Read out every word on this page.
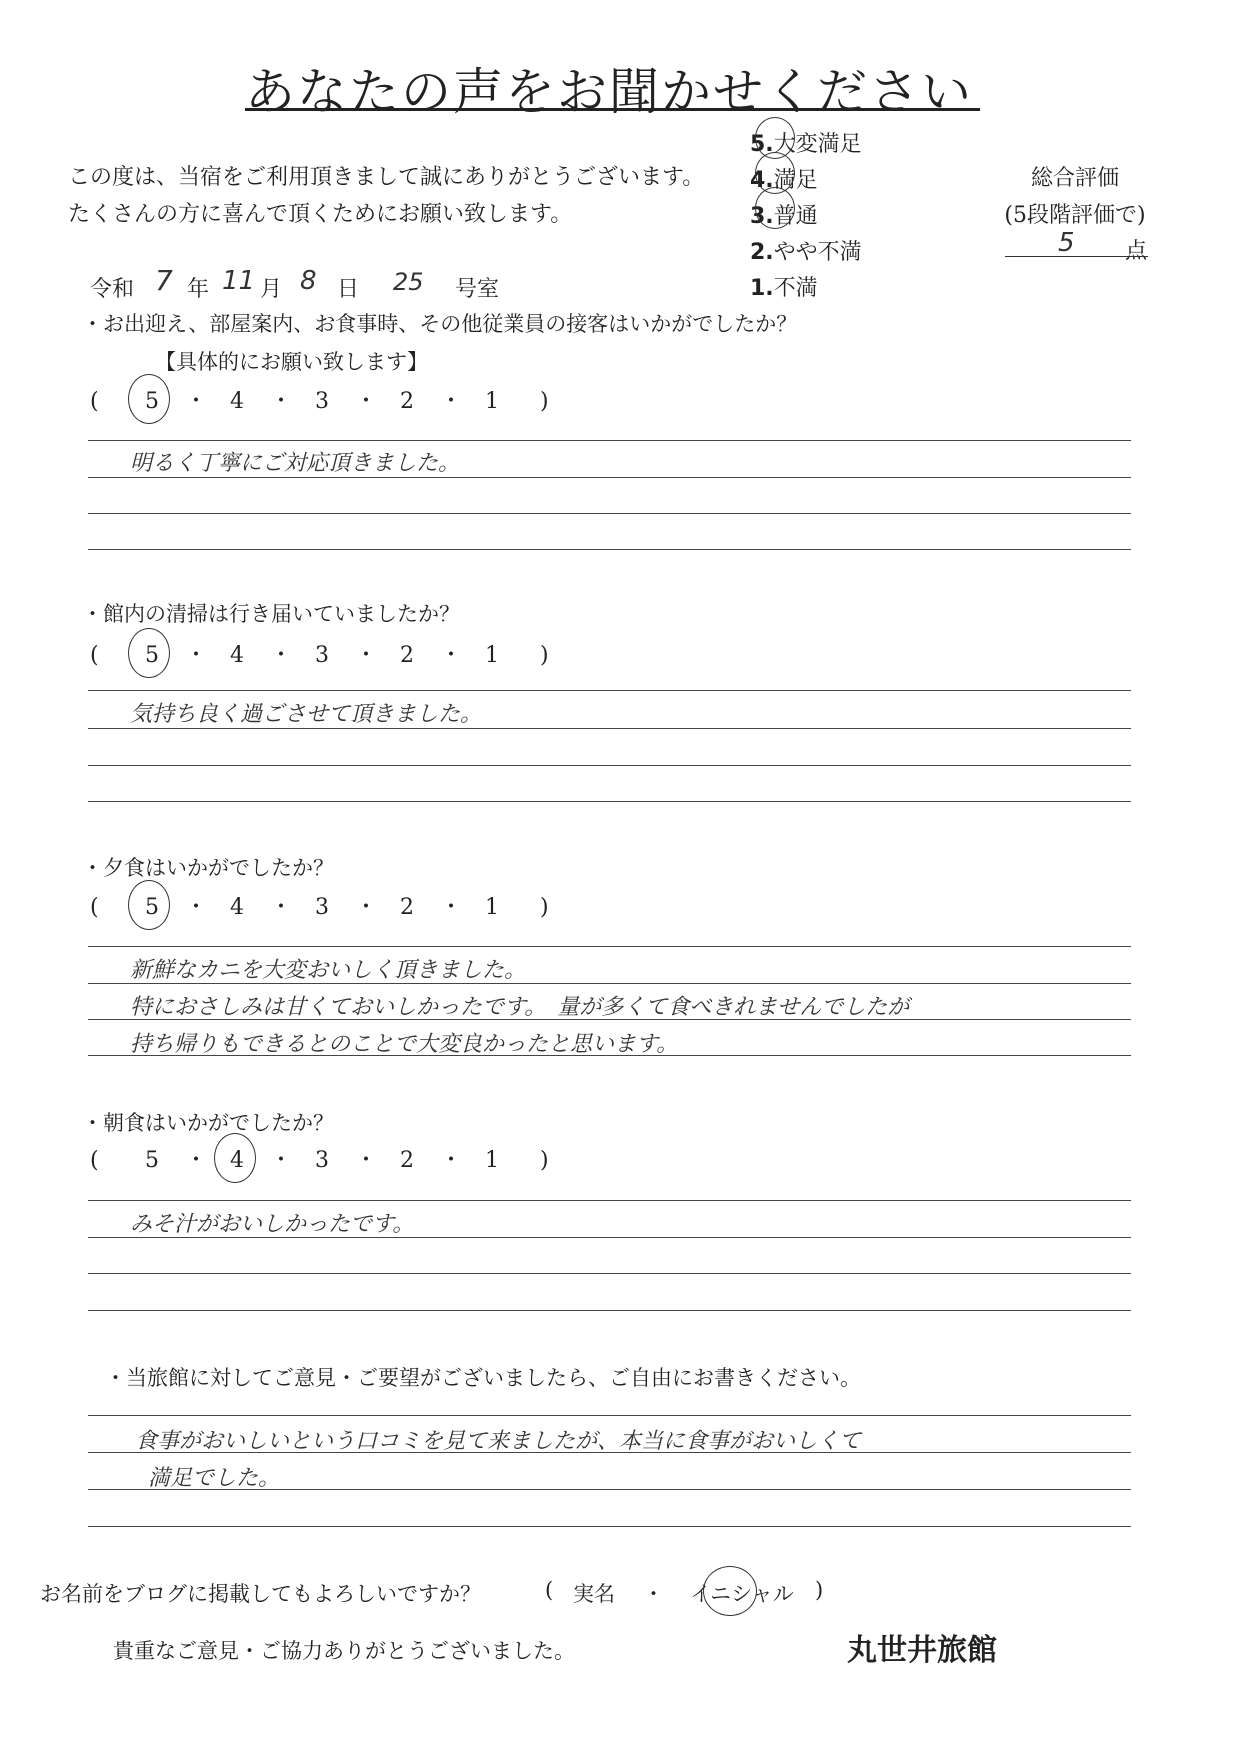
あなたの声をお聞かせください
この度は、当宿をご利用頂きまして誠にありがとうございます。
たくさんの方に喜んで頂くためにお願い致します。
5.大変満足
4.満足
3.普通
2.やや不満
1.不満
総合評価
(5段階評価で)
5 点
令和 7 年 11 月 8 日 25 号室
・お出迎え、部屋案内、お食事時、その他従業員の接客はいかがでしたか？
【具体的にお願い致します】
( 5 ・ 4 ・ 3 ・ 2 ・ 1 )
明るく丁寧にご対応頂きました。
・館内の清掃は行き届いていましたか？
( 5 ・ 4 ・ 3 ・ 2 ・ 1 )
気持ち良く過ごさせて頂きました。
・夕食はいかがでしたか？
( 5 ・ 4 ・ 3 ・ 2 ・ 1 )
新鮮なカニを大変おいしく頂きました。
特におさしみは甘くておいしかったです。　量が多くて食べきれませんでしたが
持ち帰りもできるとのことで大変良かったと思います。
・朝食はいかがでしたか？
( 5 ・ 4 ・ 3 ・ 2 ・ 1 )
みそ汁がおいしかったです。
・当旅館に対してご意見・ご要望がございましたら、ご自由にお書きください。
食事がおいしいという口コミを見て来ましたが、本当に食事がおいしくて
満足でした。
お名前をブログに掲載してもよろしいですか？	( 実名 ・ イニシャル )
貴重なご意見・ご協力ありがとうございました。	丸世井旅館
